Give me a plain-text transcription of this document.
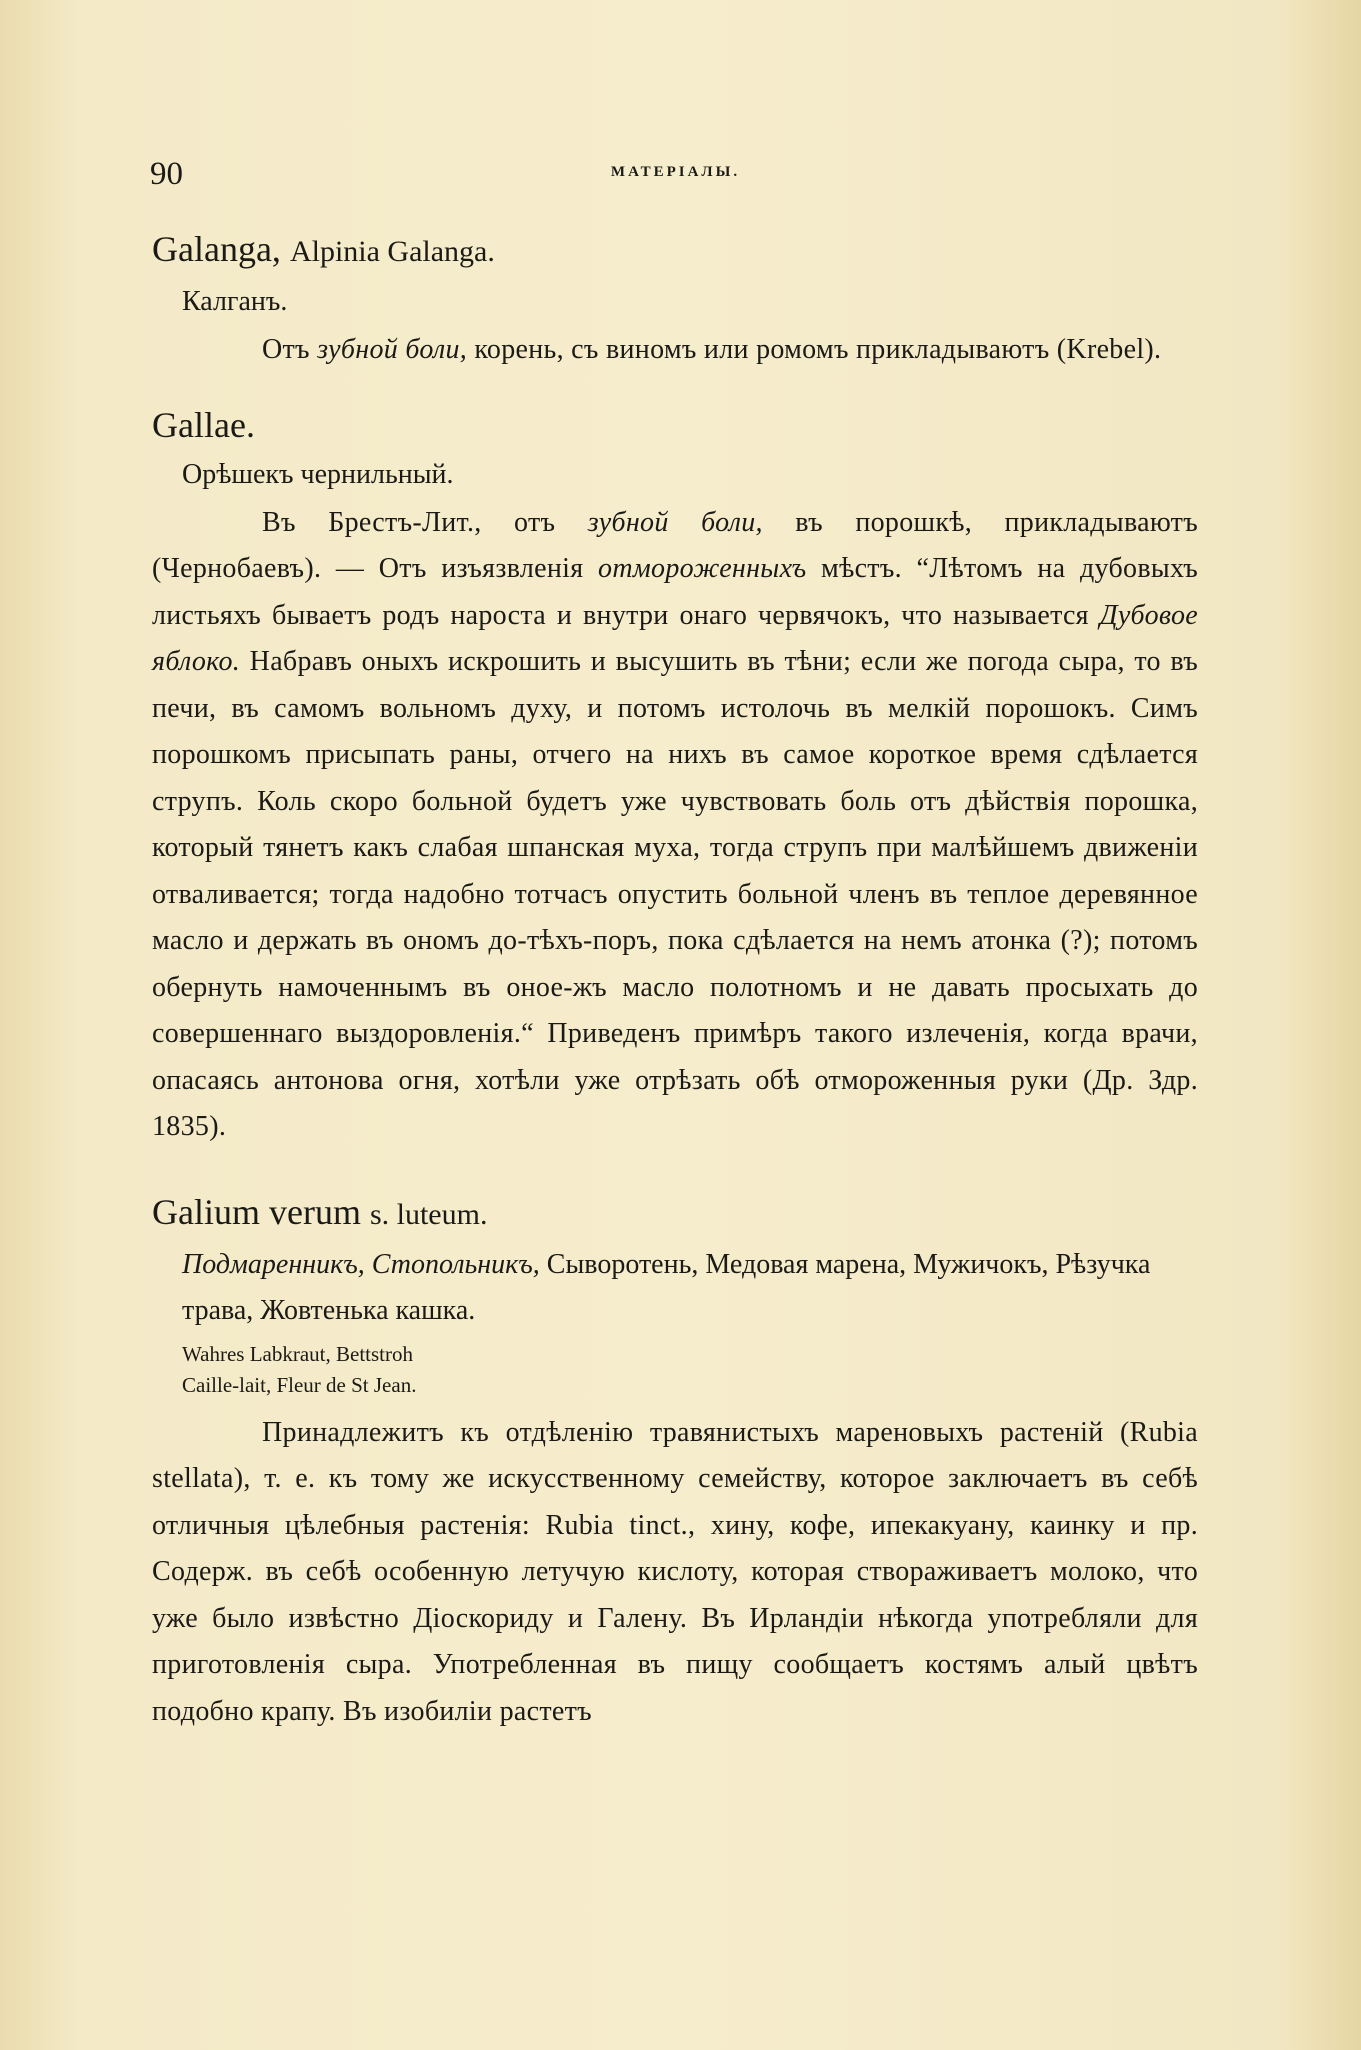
90	МАТЕРІАЛЫ.
Galanga, Alpinia Galanga.
Калганъ.

Отъ зубной боли, корень, съ виномъ или ромомъ прикладываютъ (Krebel).

Gallae.
Орѣшекъ чернильный.

Въ Брестъ-Лит., отъ зубной боли, въ порошкѣ, прикладываютъ (Чернобаевъ). — Отъ изъязвленія отмороженныхъ мѣстъ. “Лѣтомъ на дубовыхъ листьяхъ бываетъ родъ нароста и внутри онаго червячокъ, что называется Дубовое яблоко. Набравъ оныхъ искрошить и высушить въ тѣни; если же погода сыра, то въ печи, въ самомъ вольномъ духу, и потомъ истолочь въ мелкій порошокъ. Симъ порошкомъ присыпать раны, отчего на нихъ въ самое короткое время сдѣлается струпъ. Коль скоро больной будетъ уже чувствовать боль отъ дѣйствія порошка, который тянетъ какъ слабая шпанская муха, тогда струпъ при малѣйшемъ движеніи отваливается; тогда надобно тотчасъ опустить больной членъ въ теплое деревянное масло и держать въ ономъ до-тѣхъ-поръ, пока сдѣлается на немъ атонка (?); потомъ обернуть намоченнымъ въ оное-жъ масло полотномъ и не давать просыхать до совершеннаго выздоровленія.“ Приведенъ примѣръ такого излеченія, когда врачи, опасаясь антонова огня, хотѣли уже отрѣзать обѣ отмороженныя руки (Др. Здр. 1835).

Galium verum s. luteum.
Подмаренникъ, Стопольникъ, Сыворотень, Медовая марена, Мужичокъ, Рѣзучка трава, Жовтенька кашка.
Wahres Labkraut, Bettstroh
Caille-lait, Fleur de St Jean.

Принадлежитъ къ отдѣленію травянистыхъ мареновыхъ растеній (Rubia stellata), т. е. къ тому же искусственному семейству, которое заключаетъ въ себѣ отличныя цѣлебныя растенія: Rubia tinct., хину, кофе, ипекакуану, каинку и пр. Содерж. въ себѣ особенную летучую кислоту, которая створаживаетъ молоко, что уже было извѣстно Діоскориду и Галену. Въ Ирландіи нѣкогда употребляли для приготовленія сыра. Употребленная въ пищу сообщаетъ костямъ алый цвѣтъ подобно крапу. Въ изобиліи растетъ
